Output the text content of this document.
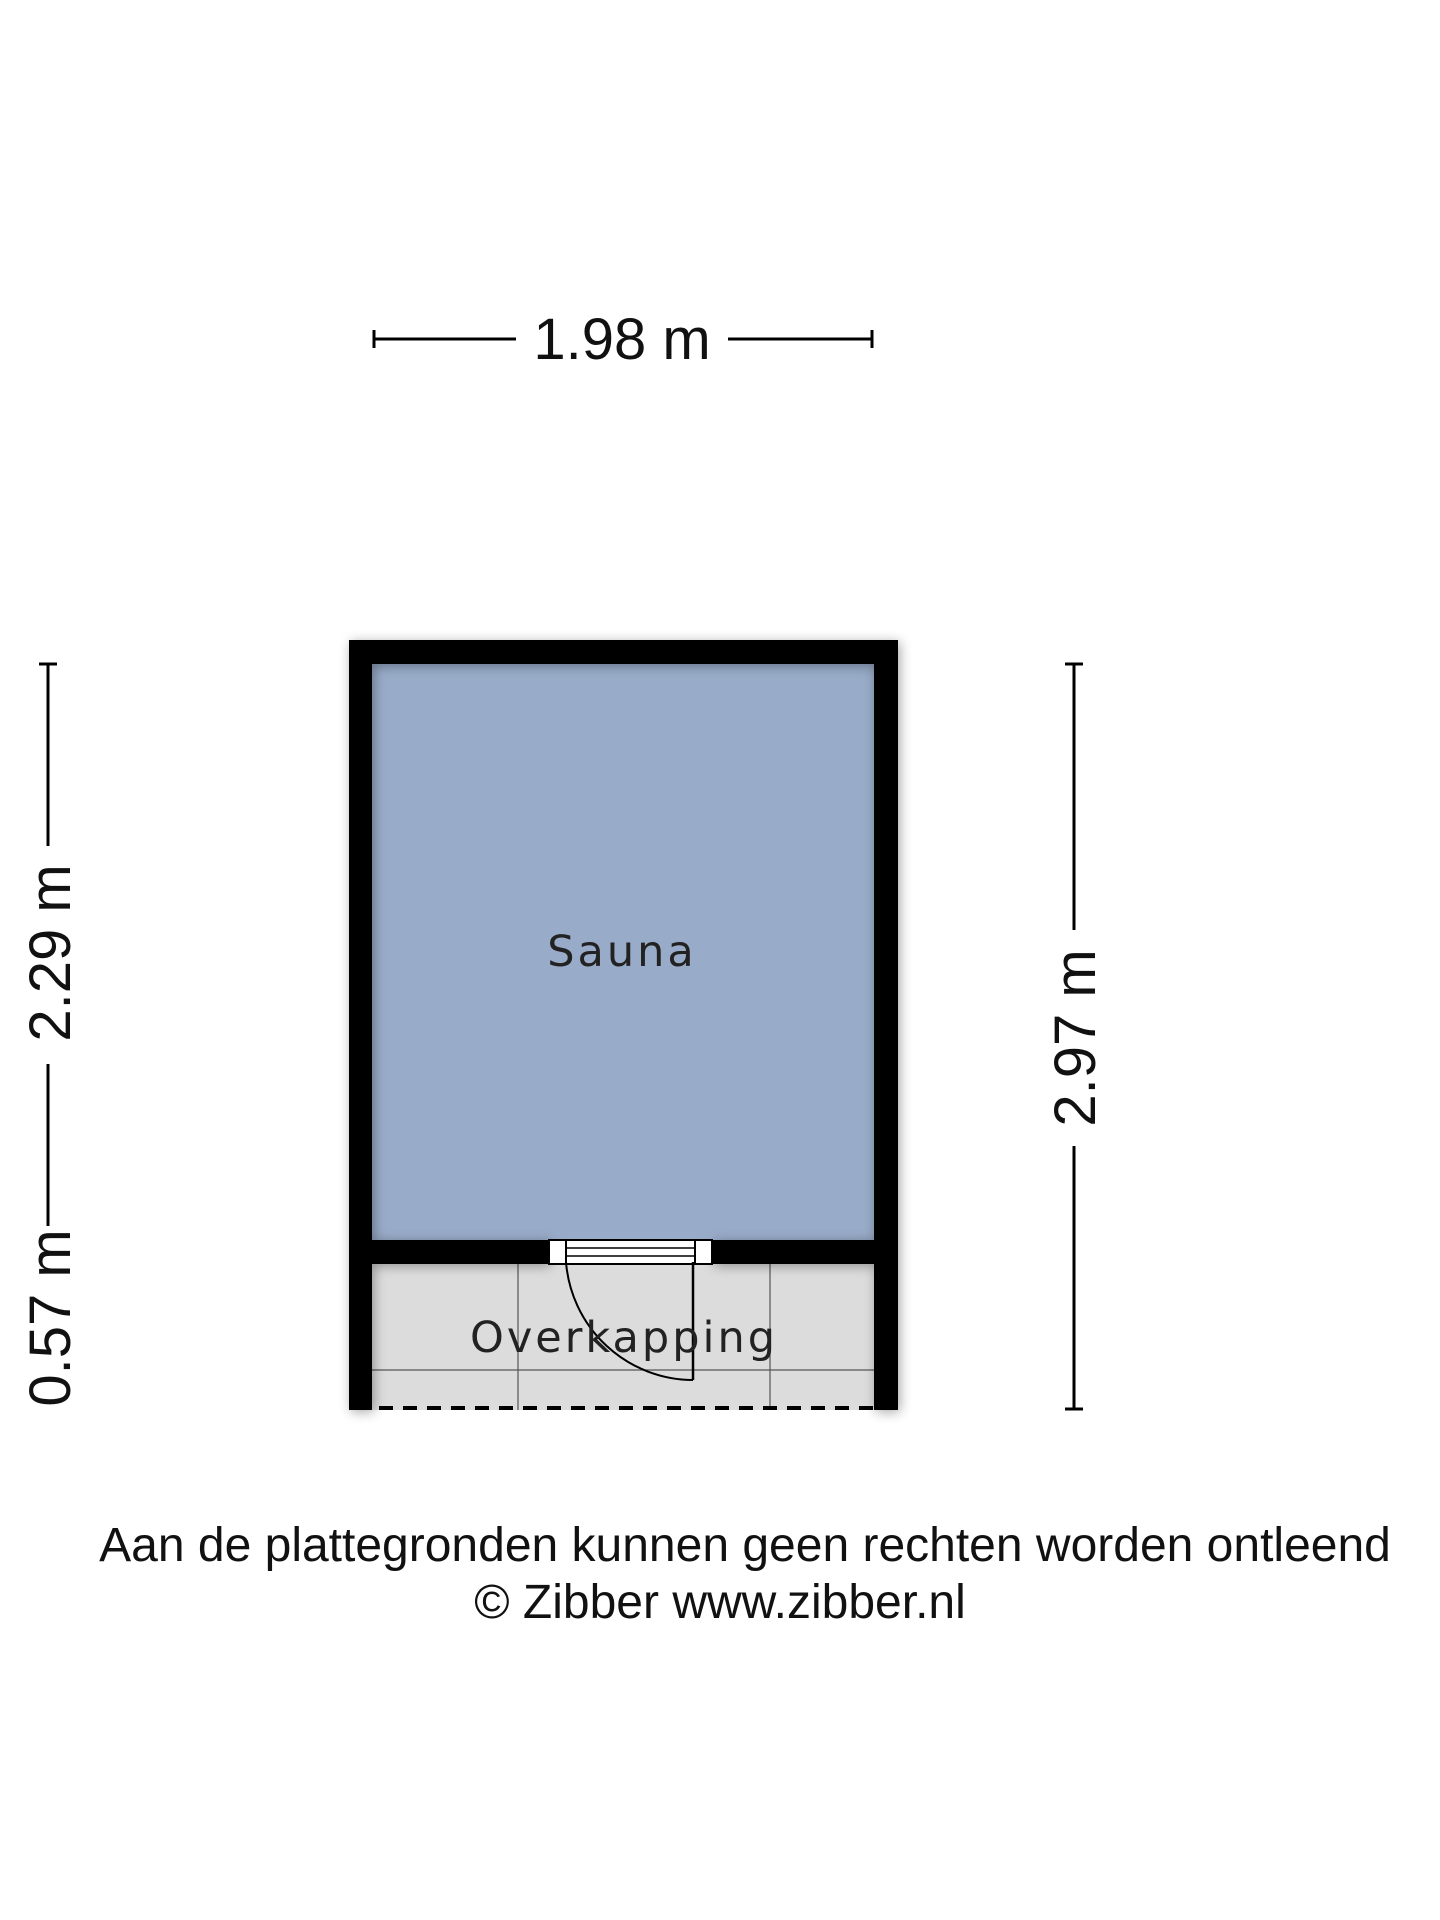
Sauna
Overkapping
1.98 m
2.29 m
0.57 m
2.97 m
Aan de plattegronden kunnen geen rechten worden ontleend
© Zibber www.zibber.nl
